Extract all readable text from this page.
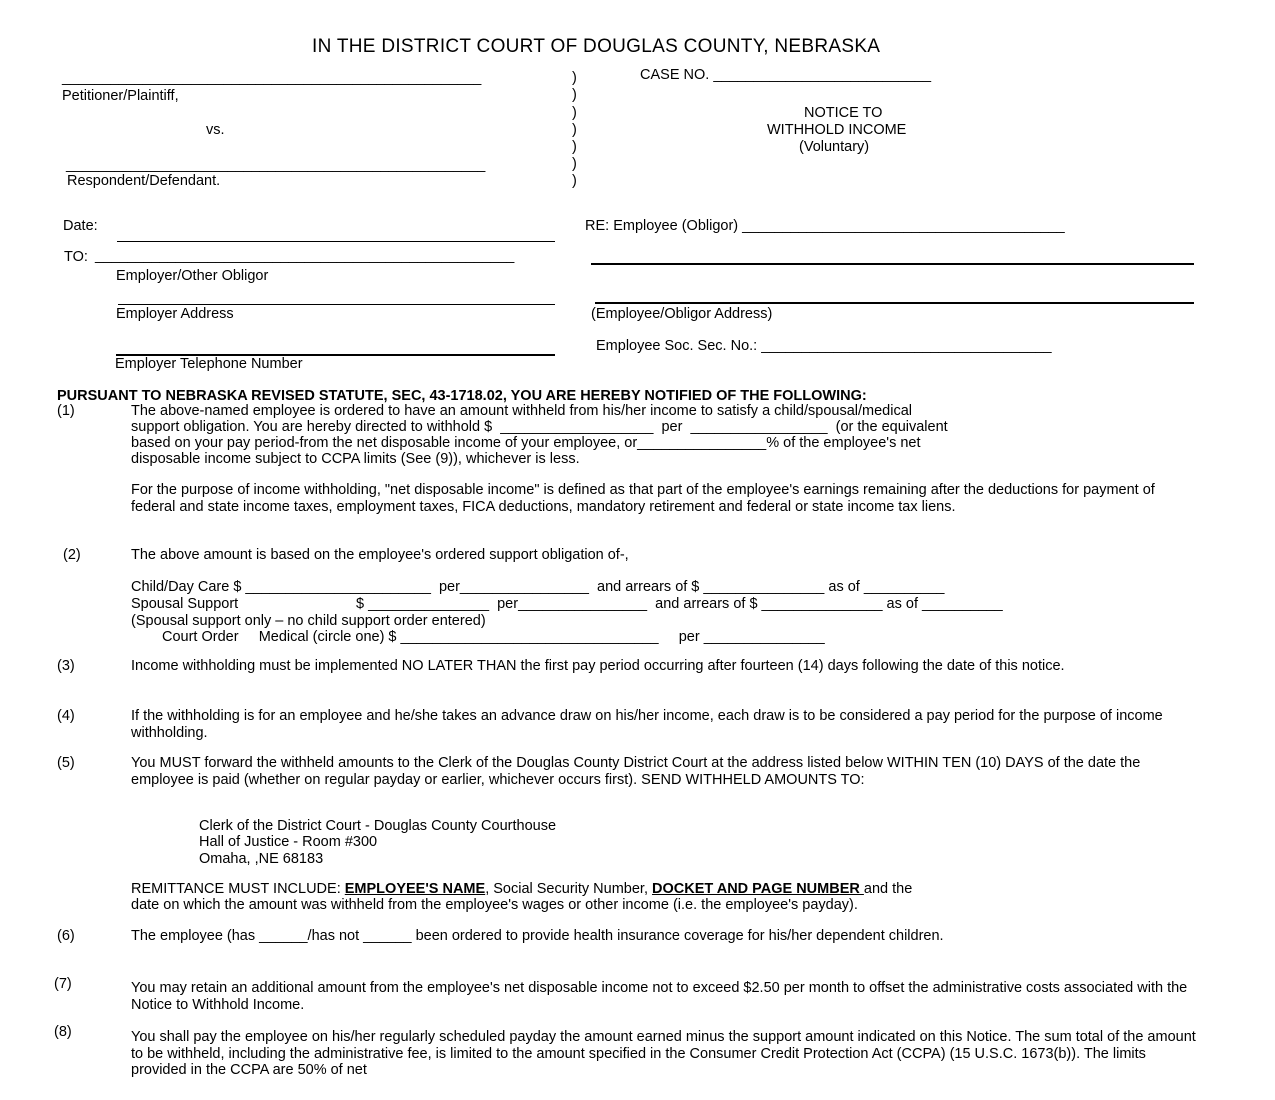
IN THE DISTRICT COURT OF DOUGLAS COUNTY, NEBRASKA
____________________________________________________
Petitioner/Plaintiff,
vs.
____________________________________________________
Respondent/Defendant.
)
)
)
)
)
)
)
CASE NO. ___________________________
NOTICE TO
WITHHOLD INCOME
(Voluntary)
Date:
TO: ____________________________________________________
Employer/Other Obligor
Employer Address
Employer Telephone Number
RE: Employee (Obligor) ________________________________________
(Employee/Obligor Address)
Employee Soc. Sec. No.: ____________________________________
PURSUANT TO NEBRASKA REVISED STATUTE, SEC, 43-1718.02, YOU ARE HEREBY NOTIFIED OF THE FOLLOWING:
(1)	The above-named employee is ordered to have an amount withheld from his/her income to satisfy a child/spousal/medical
support obligation. You are hereby directed to withhold $  ___________________  per  _________________  (or the equivalent
based on your pay period-from the net disposable income of your employee, or________________% of the employee's net
disposable income subject to CCPA limits (See (9)), whichever is less.
For the purpose of income withholding, "net disposable income" is defined as that part of the employee's earnings remaining after the deductions for payment of federal and state income taxes, employment taxes, FICA deductions, mandatory retirement and federal or state income tax liens.
(2)	The above amount is based on the employee's ordered support obligation of-,
Child/Day Care $ _______________________  per________________  and arrears of $ _______________ as of __________
Spousal Support	$ _______________  per________________  and arrears of $ _______________ as of __________
(Spousal support only – no child support order entered)
Court Order     Medical (circle one) $ ________________________________     per _______________
(3)	Income withholding must be implemented NO LATER THAN the first pay period occurring after fourteen (14) days following the date of this notice.
(4)	If the withholding is for an employee and he/she takes an advance draw on his/her income, each draw is to be considered a pay period for the purpose of income withholding.
(5)	You MUST forward the withheld amounts to the Clerk of the Douglas County District Court at the address listed below WITHIN TEN (10) DAYS of the date the employee is paid (whether on regular payday or earlier, whichever occurs first). SEND WITHHELD AMOUNTS TO:
Clerk of the District Court - Douglas County Courthouse
Hall of Justice - Room #300
Omaha, ,NE 68183
REMITTANCE MUST INCLUDE: EMPLOYEE'S NAME, Social Security Number, DOCKET AND PAGE NUMBER and the
date on which the amount was withheld from the employee's wages or other income (i.e. the employee's payday).
(6)	The employee (has ______/has not ______ been ordered to provide health insurance coverage for his/her dependent children.
(7)	You may retain an additional amount from the employee's net disposable income not to exceed $2.50 per month to offset the administrative costs associated with the Notice to Withhold Income.
(8)	You shall pay the employee on his/her regularly scheduled payday the amount earned minus the support amount indicated on this Notice. The sum total of the amount to be withheld, including the administrative fee, is limited to the amount specified in the Consumer Credit Protection Act (CCPA) (15 U.S.C. 1673(b)). The limits provided in the CCPA are 50% of net
